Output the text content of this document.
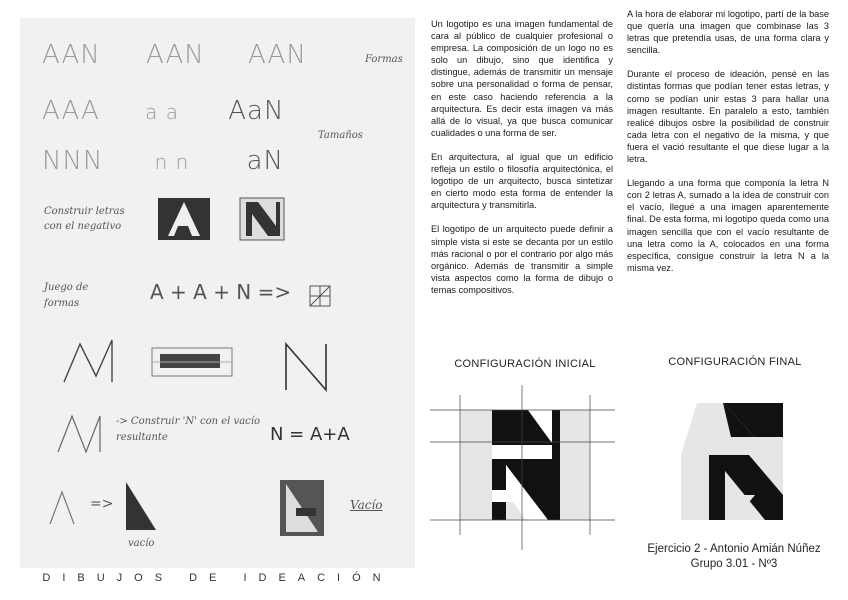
AAN AAN AAN	Formas
AAA a a AaN
Tamaños
NNN	n n aN
Construir letras con el negativo
Juego de formas	A + A + N =>
-> Construir 'N' con el vacío resultante	N = A+A
=>
vacío
Vacío
DIBUJOS DE IDEACIÓN

Un logotipo es una imagen fundamental de cara al público de cualquier profesional o empresa. La composición de un logo no es solo un dibujo, sino que identifica y distingue, además de transmitir un mensaje sobre una personalidad o forma de pensar, en este caso haciendo referencia a la arquitectura. Es decir esta imagen va más allá de lo visual, ya que busca comunicar cualidades o una forma de ser.

En arquitectura, al igual que un edificio refleja un estilo o filosofía arquitectónica, el logotipo de un arquitecto, busca sintetizar en cierto modo esta forma de entender la arquitectura y transmitirla.

El logotipo de un arquitecto puede definir a simple vista si este se decanta por un estilo más racional o por el contrario por algo más orgánico. Además de transmitir a simple vista aspectos como la forma de dibujo o temas compositivos.

A la hora de elaborar mi logotipo, partí de la base que quería una imagen que combinase las 3 letras que pretendía usas, de una forma clara y sencilla.

Durante el proceso de ideación, pensé en las distintas formas que podían tener estas letras, y como se podían unir estas 3 para hallar una imagen resultante. En paralelo a esto, también realicé dibujos osbre la posibilidad de construir cada letra con el negativo de la misma, y que fuera el vació resultante el que diese lugar a la letra.

Llegando a una forma que componía la letra N con 2 letras A, sumado a la idea de construir con el vacío, llegué a una imagen aparentemente final. De esta forma, mi logotipo queda como una imagen sencilla que con el vacío resultante de una letra como la A, colocados en una forma específica, consigue construir la letra N a la misma vez.

CONFIGURACIÓN INICIAL	CONFIGURACIÓN FINAL
Ejercicio 2 - Antonio Amián Núñez
Grupo 3.01 - Nº3
